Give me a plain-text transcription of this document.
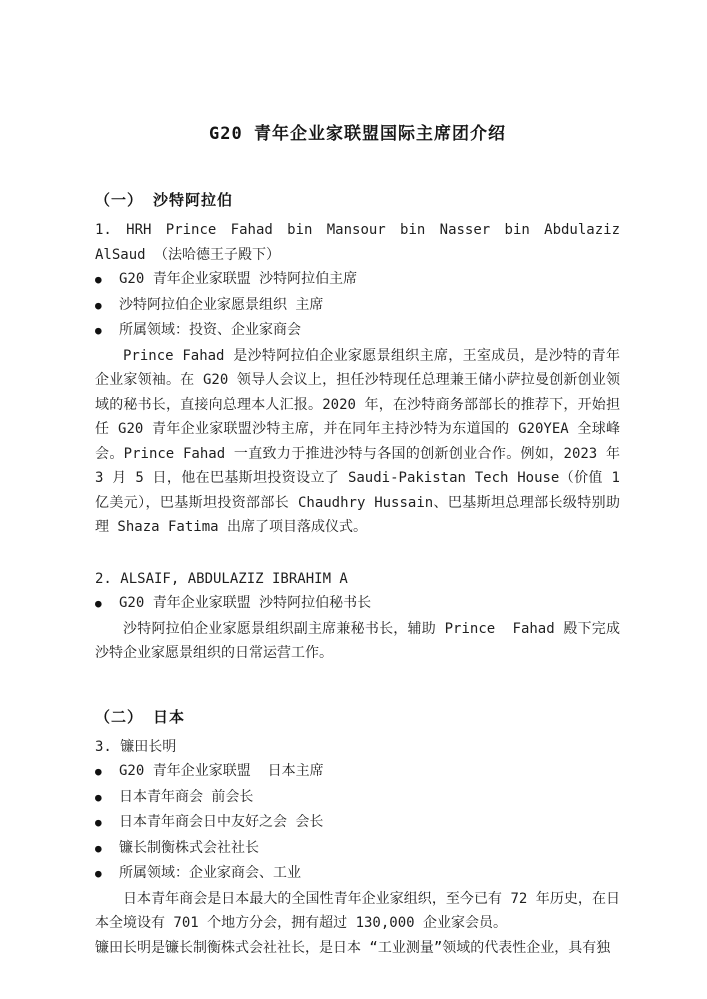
G20 青年企业家联盟国际主席团介绍
（一） 沙特阿拉伯

1. HRH Prince Fahad bin Mansour bin Nasser bin Abdulaziz AlSaud （法哈德王子殿下）

●	G20 青年企业家联盟 沙特阿拉伯主席
●	沙特阿拉伯企业家愿景组织 主席
●	所属领域：投资、企业家商会

Prince Fahad 是沙特阿拉伯企业家愿景组织主席，王室成员，是沙特的青年企业家领袖。在 G20 领导人会议上，担任沙特现任总理兼王储小萨拉曼创新创业领域的秘书长，直接向总理本人汇报。2020 年，在沙特商务部部长的推荐下，开始担任 G20 青年企业家联盟沙特主席，并在同年主持沙特为东道国的 G20YEA 全球峰会。Prince Fahad 一直致力于推进沙特与各国的创新创业合作。例如，2023 年 3 月 5 日，他在巴基斯坦投资设立了 Saudi-Pakistan Tech House（价值 1 亿美元），巴基斯坦投资部部长 Chaudhry Hussain、巴基斯坦总理部长级特别助理 Shaza Fatima 出席了项目落成仪式。

2. ALSAIF, ABDULAZIZ IBRAHIM A

●	G20 青年企业家联盟 沙特阿拉伯秘书长

沙特阿拉伯企业家愿景组织副主席兼秘书长，辅助 Prince  Fahad 殿下完成沙特企业家愿景组织的日常运营工作。

（二） 日本

3. 镰田长明

●	G20 青年企业家联盟  日本主席
●	日本青年商会 前会长
●	日本青年商会日中友好之会 会长
●	镰长制衡株式会社社长
●	所属领域：企业家商会、工业

日本青年商会是日本最大的全国性青年企业家组织，至今已有 72 年历史，在日本全境设有 701 个地方分会，拥有超过 130,000 企业家会员。

镰田长明是镰长制衡株式会社社长，是日本 “工业测量”领域的代表性企业，具有独
